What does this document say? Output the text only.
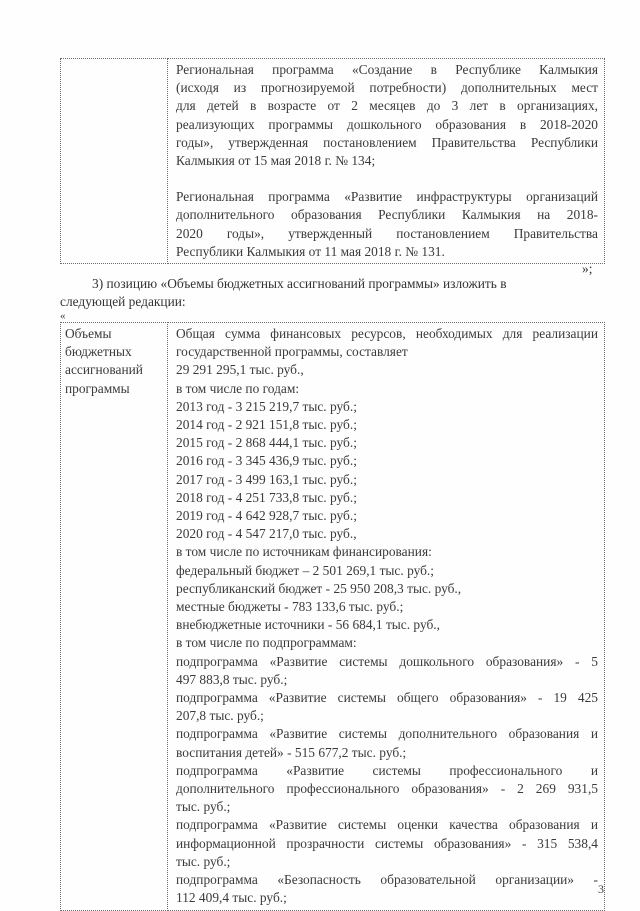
Региональная программа «Создание в Республике Калмыкия
(исходя из прогнозируемой потребности) дополнительных мест
для детей в возрасте от 2 месяцев до 3 лет в организациях,
реализующих программы дошкольного образования в 2018-2020
годы», утвержденная постановлением Правительства Республики
Калмыкия от 15 мая 2018 г. № 134;
Региональная программа «Развитие инфраструктуры организаций
дополнительного образования Республики Калмыкия на 2018-
2020 годы», утвержденный постановлением Правительства
Республики Калмыкия от 11 мая 2018 г. № 131.
»;
3) позицию «Объемы бюджетных ассигнований программы» изложить в
следующей редакции:
«
Объемы
бюджетных
ассигнований
программы

Общая сумма финансовых ресурсов, необходимых для реализации
государственной программы, составляет
29 291 295,1 тыс. руб.,
в том числе по годам:
2013 год - 3 215 219,7 тыс. руб.;
2014 год - 2 921 151,8 тыс. руб.;
2015 год - 2 868 444,1 тыс. руб.;
2016 год - 3 345 436,9 тыс. руб.;
2017 год - 3 499 163,1 тыс. руб.;
2018 год - 4 251 733,8 тыс. руб.;
2019 год - 4 642 928,7 тыс. руб.;
2020 год - 4 547 217,0 тыс. руб.,
в том числе по источникам финансирования:
федеральный бюджет – 2 501 269,1 тыс. руб.;
республиканский бюджет - 25 950 208,3 тыс. руб.,
местные бюджеты - 783 133,6 тыс. руб.;
внебюджетные источники - 56 684,1 тыс. руб.,
в том числе по подпрограммам:
подпрограмма «Развитие системы дошкольного образования» - 5
497 883,8 тыс. руб.;
подпрограмма «Развитие системы общего образования» - 19 425
207,8 тыс. руб.;
подпрограмма «Развитие системы дополнительного образования и
воспитания детей» - 515 677,2 тыс. руб.;
подпрограмма «Развитие системы профессионального и
дополнительного профессионального образования» - 2 269 931,5
тыс. руб.;
подпрограмма «Развитие системы оценки качества образования и
информационной прозрачности системы образования» - 315 538,4
тыс. руб.;
подпрограмма «Безопасность образовательной организации» -
112 409,4 тыс. руб.;
3
